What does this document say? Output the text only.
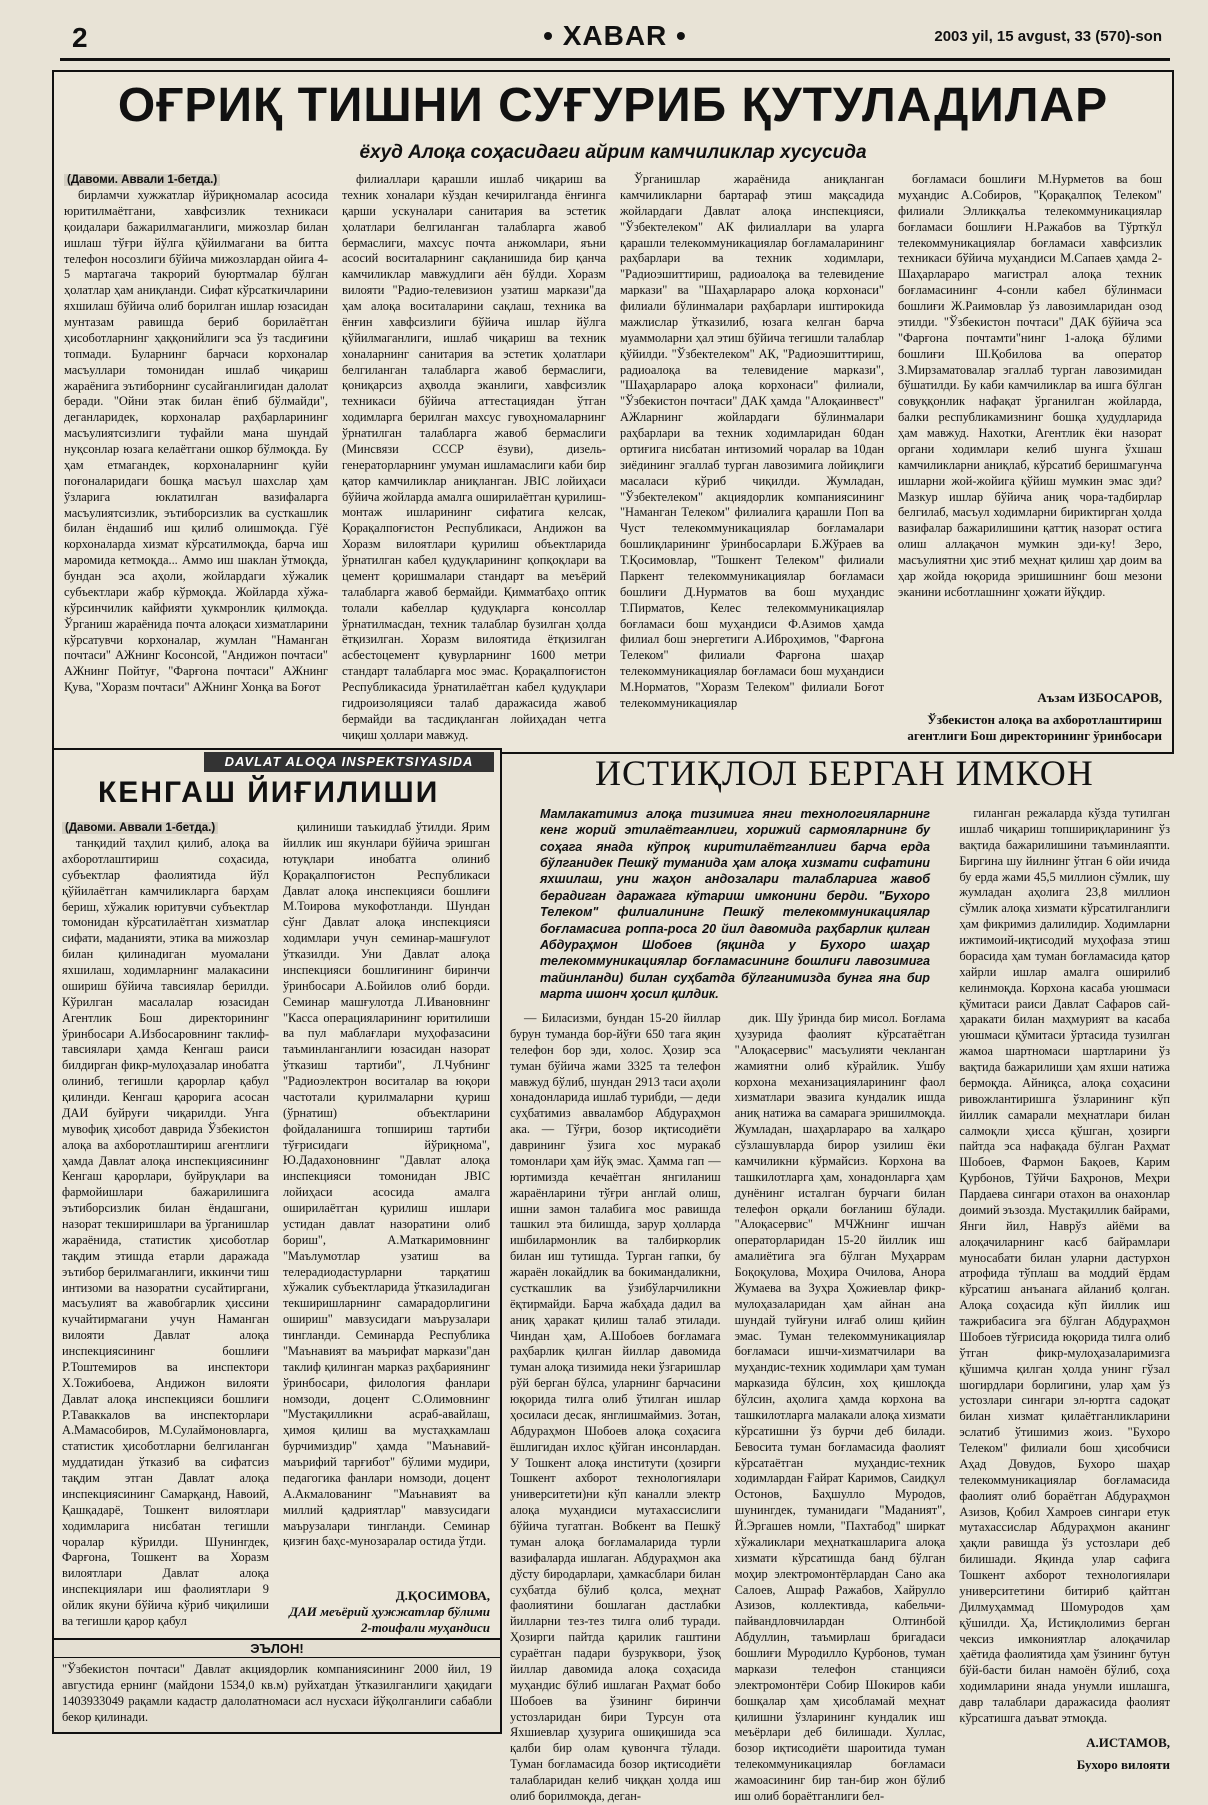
2	• XABAR •	2003 yil, 15 avgust, 33 (570)-son
ОҒРИҚ ТИШНИ СУҒУРИБ ҚУТУЛАДИЛАР
ёхуд Алоқа соҳасидаги айрим камчиликлар хусусида
(Давоми. Аввали 1-бетда.)

бирламчи хужжатлар йўриқномалар асосида юритилмаётгани, хавфсизлик техникаси қоидалари бажарилмаганлиги, мижозлар билан ишлаш тўғри йўлга қўйилмагани ва битта телефон носозлиги бўйича мижозлардан ойига 4-5 мартагача такрорий буюртмалар бўлган ҳолатлар ҳам аниқланди. Сифат кўрсаткичларини яхшилаш бўйича олиб борилган ишлар юзасидан мунтазам равишда бериб борилаётган ҳисоботларнинг ҳаққонийлиги эса ўз тасдиғини топмади. Буларнинг барчаси корхоналар масъуллари томонидан ишлаб чиқариш жараёнига эътиборнинг сусайганлигидан далолат беради. "Ойни этак билан ёпиб бўлмайди", деганларидек, корхоналар раҳбарларининг масъулиятсизлиги туфайли мана шундай нуқсонлар юзага келаётгани ошкор бўлмоқда. Бу ҳам етмагандек, корхоналарнинг қуйи поғоналаридаги бошқа масъул шахслар ҳам ўзларига юклатилган вазифаларга масъулиятсизлик, эътиборсизлик ва сусткашлик билан ёндашиб иш қилиб олишмоқда. Гўё корхоналарда хизмат кўрсатилмоқда, барча иш маромида кетмоқда... Аммо иш шаклан ўтмоқда, бундан эса аҳоли, жойлардаги хўжалик субъектлари жабр кўрмоқда. Жойларда хўжа-кўрсинчилик кайфияти ҳукмронлик қилмоқда. Ўрганиш жараёнида почта алоқаси хизматларини кўрсатувчи корхоналар, жумлан "Наманган почтаси" АЖнинг Косонсой, "Андижон почтаси" АЖнинг Пойтуғ, "Фарғона почтаси" АЖнинг Қува, "Хоразм почтаси" АЖнинг Хонқа ва Боғот

филиаллари қарашли ишлаб чиқариш ва техник хоналари кўздан кечирилганда ёнғинга қарши ускуналари санитария ва эстетик ҳолатлари белгиланган талабларга жавоб бермаслиги, махсус почта анжомлари, яъни асосий воситаларнинг сақланишида бир қанча камчиликлар мавжудлиги аён бўлди. Хоразм вилояти "Радио-телевизион узатиш маркази"да ҳам алоқа воситаларини сақлаш, техника ва ёнғин хавфсизлиги бўйича ишлар йўлга қўйилмаганлиги, ишлаб чиқариш ва техник хоналарнинг санитария ва эстетик ҳолатлари белгиланган талабларга жавоб бермаслиги, қониқарсиз аҳволда эканлиги, хавфсизлик техникаси бўйича аттестациядан ўтган ходимларга берилган махсус гувоҳномаларнинг ўрнатилган талабларга жавоб бермаслиги (Минсвязи СССР ёзуви), дизель-генераторларнинг умуман ишламаслиги каби бир қатор камчиликлар аниқланган. JBIC лойиҳаси бўйича жойларда амалга оширилаётган қурилиш-монтаж ишларининг сифатига келсак, Қорақалпоғистон Республикаси, Андижон ва Хоразм вилоятлари қурилиш объектларида ўрнатилган кабел қудуқларининг қопқоқлари ва цемент қоришмалари стандарт ва меъёрий талабларга жавоб бермайди. Қимматбаҳо оптик толали кабеллар қудуқларга консоллар ўрнатилмасдан, техник талаблар бузилган ҳолда ётқизилган. Хоразм вилоятида ётқизилган асбестоцемент қувурларнинг 1600 метри стандарт талабларга мос эмас. Қорақалпоғистон Республикасида ўрнатилаётган кабел қудуқлари гидроизоляцияси талаб даражасида жавоб бермайди ва тасдиқланган лойиҳадан четга чиқиш ҳоллари мавжуд.

Ўрганишлар жараёнида аниқланган камчиликларни бартараф этиш мақсадида жойлардаги Давлат алоқа инспекцияси, "Ўзбектелеком" АК филиаллари ва уларга қарашли телекоммуникациялар боғламаларининг раҳбарлари ва техник ходимлари, "Радиоэшиттириш, радиоалоқа ва телевидение маркази" ва "Шаҳарлараро алоқа корхонаси" филиали бўлинмалари раҳбарлари иштирокида мажлислар ўтказилиб, юзага келган барча муаммоларни ҳал этиш бўйича тегишли талаблар қўйилди. "Ўзбектелеком" АК, "Радиоэшиттириш, радиоалоқа ва телевидение маркази", "Шаҳарлараро алоқа корхонаси" филиали, "Ўзбекистон почтаси" ДАК ҳамда "Алоқаинвест" АЖларнинг жойлардаги бўлинмалари раҳбарлари ва техник ходимларидан 60дан ортиғига нисбатан интизомий чоралар ва 10дан зиёдининг эгаллаб турган лавозимига лойиқлиги масаласи кўриб чиқилди. Жумладан, "Ўзбектелеком" акциядорлик компаниясининг "Наманган Телеком" филиалига қарашли Поп ва Чуст телекоммуникациялар боғламалари бошлиқларининг ўринбосарлари Б.Жўраев ва Т.Қосимовлар, "Тошкент Телеком" филиали Паркент телекоммуникациялар боғламаси бошлиғи Д.Нурматов ва бош муҳандис Т.Пирматов, Келес телекоммуникациялар боғламаси бош муҳандиси Ф.Азимов ҳамда филиал бош энергетиги А.Иброҳимов, "Фарғона Телеком" филиали Фарғона шаҳар телекоммуникациялар боғламаси бош муҳандиси М.Норматов, "Хоразм Телеком" филиали Боғот телекоммуникациялар

боғламаси бошлиғи М.Нурметов ва бош муҳандис А.Собиров, "Қорақалпоқ Телеком" филиали Элликқалъа телекоммуникациялар боғламаси бошлиғи Н.Ражабов ва Тўрткўл телекоммуникациялар боғламаси хавфсизлик техникаси бўйича муҳандиси М.Сапаев ҳамда 2-Шаҳарлараро магистрал алоқа техник боғламасининг 4-сонли кабел бўлинмаси бошлиғи Ж.Раимовлар ўз лавозимларидан озод этилди. "Ўзбекистон почтаси" ДАК бўйича эса "Фарғона почтамти"нинг 1-алоқа бўлими бошлиғи Ш.Қобилова ва оператор З.Мирзаматовалар эгаллаб турган лавозимидан бўшатилди. Бу каби камчиликлар ва ишга бўлган совуққонлик нафақат ўрганилган жойларда, балки республикамизнинг бошқа ҳудудларида ҳам мавжуд. Нахотки, Агентлик ёки назорат органи ходимлари келиб шунга ўхшаш камчиликларни аниқлаб, кўрсатиб беришмагунча ишларни жой-жойига қўйиш мумкин эмас эди? Мазкур ишлар бўйича аниқ чора-тадбирлар белгилаб, масъул ходимларни бириктирган ҳолда вазифалар бажарилишини қаттиқ назорат остига олиш аллақачон мумкин эди-ку! Зеро, масъулиятни ҳис этиб меҳнат қилиш ҳар доим ва ҳар жойда юқорида эришишнинг бош мезони эканини исботлашнинг ҳожати йўқдир.

Аъзам ИЗБОСАРОВ,
Ўзбекистон алоқа ва ахборотлаштириш агентлиги Бош директорининг ўринбосари
DAVLAT ALOQA INSPEKTSIYASIDA
КЕНГАШ ЙИҒИЛИШИ
(Давоми. Аввали 1-бетда.)

танқидий таҳлил қилиб, алоқа ва ахборотлаштириш соҳасида, субъектлар фаолиятида йўл қўйилаётган камчиликларга барҳам бериш, хўжалик юритувчи субъектлар томонидан кўрсатилаётган хизматлар сифати, маданияти, этика ва мижозлар билан қилинадиган муомалани яхшилаш, ходимларнинг малакасини ошириш бўйича тавсиялар берилди. Кўрилган масалалар юзасидан Агентлик Бош директорининг ўринбосари А.Избосаровнинг таклиф-тавсиялари ҳамда Кенгаш раиси билдирган фикр-мулоҳазалар инобатга олиниб, тегишли қарорлар қабул қилинди. Кенгаш қарорига асосан ДАИ буйруғи чиқарилди. Унга мувофиқ ҳисобот даврида Ўзбекистон алоқа ва ахборотлаштириш агентлиги ҳамда Давлат алоқа инспекциясининг Кенгаш қарорлари, буйруқлари ва фармойишлари бажарилишига эътиборсизлик билан ёндашгани, назорат текширишлари ва ўрганишлар жараёнида, статистик ҳисоботлар тақдим этишда етарли даражада эътибор берилмаганлиги, иккинчи тиш интизоми ва назоратни сусайтиргани, масъулият ва жавобгарлик ҳиссини кучайтирмагани учун Наманган вилояти Давлат алоқа инспекциясининг бошлиғи Р.Тоштемиров ва инспектори Х.Тожибоева, Андижон вилояти Давлат алоқа инспекцияси бошлиғи Р.Таваккалов ва инспекторлари А.Мамасобиров, М.Сулаймоновларга, статистик ҳисоботларни белгиланган муддатидан ўтказиб ва сифатсиз тақдим этган Давлат алоқа инспекциясининг Самарқанд, Навоий, Қашқадарё, Тошкент вилоятлари ходимларига нисбатан тегишли чоралар кўрилди. Шунингдек, Фарғона, Тошкент ва Хоразм вилоятлари Давлат алоқа инспекциялари иш фаолиятлари 9 ойлик якуни бўйича кўриб чиқилиши ва тегишли қарор қабул

қилиниши таъкидлаб ўтилди. Ярим йиллик иш якунлари бўйича эришган ютуқлари инобатга олиниб Қорақалпоғистон Республикаси Давлат алоқа инспекцияси бошлиғи М.Тоирова мукофотланди. Шундан сўнг Давлат алоқа инспекцияси ходимлари учун семинар-машғулот ўтказилди. Уни Давлат алоқа инспекцияси бошлиғининг биринчи ўринбосари А.Бойилов олиб борди. Семинар машғулотда Л.Ивановнинг "Касса операцияларининг юритилиши ва пул маблағлари муҳофазасини таъминланганлиги юзасидан назорат ўтказиш тартиби", Л.Чубнинг "Радиоэлектрон воситалар ва юқори частотали қурилмаларни қуриш (ўрнатиш) объектларини фойдаланишга топшириш тартиби тўғрисидаги йўриқнома", Ю.Дадахоновнинг "Давлат алоқа инспекцияси томонидан JBIC лойиҳаси асосида амалга оширилаётган қурилиш ишлари устидан давлат назоратини олиб бориш", А.Маткаримовнинг "Маълумотлар узатиш ва телерадиодастурларни тарқатиш хўжалик субъектларида ўтказиладиган текширишларнинг самарадорлигини ошириш" мавзусидаги маърузалари тингланди. Семинарда Республика "Маънавият ва маърифат маркази"дан таклиф қилинган марказ раҳбариянинг ўринбосари, филология фанлари номзоди, доцент С.Олимовнинг "Мустақилликни асраб-авайлаш, ҳимоя қилиш ва мустаҳкамлаш бурчимиздир" ҳамда "Маънавий-маърифий тарғибот" бўлими мудири, педагогика фанлари номзоди, доцент А.Акмалованинг "Маънавият ва миллий қадриятлар" мавзусидаги маърузалари тингланди. Семинар қизғин баҳс-мунозаралар остида ўтди.

Д.ҚОСИМОВА,
ДАИ меъёрий ҳужжатлар бўлими 2-тоифали муҳандиси
ЭЪЛОН!
"Ўзбекистон почтаси" Давлат акциядорлик компаниясининг 2000 йил, 19 августида ернинг (майдони 1534,0 кв.м) руйхатдан ўтказилганлиги ҳақидаги 1403933049 рақамли кадастр далолатномаси асл нусхаси йўқолганлиги сабабли бекор қилинади.
ИСТИҚЛОЛ БЕРГАН ИМКОН
Мамлакатимиз алоқа тизимига янги технологияларнинг кенг жорий этилаётганлиги, хорижий сармояларнинг бу соҳага янада кўпроқ киритилаётганлиги барча ерда бўлганидек Пешкў туманида ҳам алоқа хизмати сифатини яхшилаш, уни жаҳон андозалари талабларига жавоб берадиган даражага кўтариш имконини берди. "Бухоро Телеком" филиалининг Пешкў телекоммуникациялар боғламасига роппа-роса 20 йил давомида раҳбарлик қилган Абдураҳмон Шобоев (яқинда у Бухоро шаҳар телекоммуникациялар боғламасининг бошлиғи лавозимига тайинланди) билан суҳбатда бўлганимизда бунга яна бир марта ишонч ҳосил қилдик.

— Биласизми, бундан 15-20 йиллар бурун туманда бор-йўғи 650 тага яқин телефон бор эди, холос. Ҳозир эса туман бўйича жами 3325 та телефон мавжуд бўлиб, шундан 2913 таси аҳоли хонадонларида ишлаб турибди, — деди суҳбатимиз авваламбор Абдураҳмон ака. — Тўғри, бозор иқтисодиёти даврининг ўзига хос муракаб томонлари ҳам йўқ эмас. Ҳамма гап — юртимизда кечаётган янгиланиш жараёнларини тўғри англай олиш, ишни замон талабига мос равишда ташкил эта билишда, зарур ҳолларда ишбилармонлик ва талбиркорлик билан иш тутишда. Турган гапки, бу жараён локайдлик ва бокимандаликни, сусткашлик ва ўзибўларчиликни ёқтирмайди. Барча жабҳада дадил ва аниқ ҳаракат қилиш талаб этилади. Чиндан ҳам, А.Шобоев боғламага раҳбарлик қилган йиллар давомида туман алоқа тизимида неки ўзгаришлар рўй берган бўлса, уларнинг барчасини юқорида тилга олиб ўтилган ишлар ҳосиласи десак, янглишмаймиз. Зотан, Абдураҳмон Шобоев алоқа соҳасига ёшлигидан ихлос қўйган инсонлардан. У Тошкент алоқа институти (ҳозирги Тошкент ахборот технологиялари университети)ни кўп каналли электр алоқа муҳандиси мутахассислиги бўйича тугатган. Вобкент ва Пешкў туман алоқа боғламаларида турли вазифаларда ишлаган. Абдураҳмон ака дўсту биродарлари, ҳамкасблари билан суҳбатда бўлиб қолса, меҳнат фаолиятини бошлаган дастлабки йилларни тез-тез тилга олиб туради. Ҳозирги пайтда қарилик гаштини сураётган падари бузруквори, ўзоқ йиллар давомида алоқа соҳасида муҳандис бўлиб ишлаган Раҳмат бобо Шобоев ва ўзининг биринчи устозларидан бири Турсун ота Яхшиевлар ҳузурига ошиқишида эса қалби бир олам қувончга тўлади. Туман боғламасида бозор иқтисодиёти талабларидан келиб чиққан ҳолда иш олиб борилмоқда, деган-

дик. Шу ўринда бир мисол. Боғлама ҳузурида фаолият кўрсатаётган "Алоқасервис" масъулияти чекланган жамиятни олиб кўрайлик. Ушбу корхона механизацияларининг фаол хизматлари эвазига кундалик ишда аниқ натижа ва самарага эришилмоқда. Жумладан, шаҳарлараро ва халқаро сўзлашувларда бирор узилиш ёки камчиликни кўрмайсиз. Корхона ва ташкилотларга ҳам, хонадонларга ҳам дунёнинг исталган бурчаги билан телефон орқали боғланиш бўлади. "Алоқасервис" МЧЖнинг ишчан операторларидан 15-20 йиллик иш амалиётига эга бўлган Муҳаррам Боқоқулова, Моҳира Очилова, Анора Жумаева ва Зуҳра Ҳожиевлар фикр-мулоҳазаларидан ҳам айнан ана шундай туйғуни илғаб олиш қийин эмас. Туман телекоммуникациялар боғламаси ишчи-хизматчилари ва муҳандис-техник ходимлари ҳам туман марказида бўлсин, хоҳ қишлоқда бўлсин, аҳолига ҳамда корхона ва ташкилотларга малакали алоқа хизмати кўрсатишни ўз бурчи деб билади. Бевосита туман боғламасида фаолият кўрсатаётган муҳандис-техник ходимлардан Ғайрат Каримов, Саидқул Остонов, Баҳшулло Муродов, шунингдек, туманидаги "Маданият", Й.Эргашев номли, "Пахтабод" ширкат хўжаликлари меҳнаткашларига алоқа хизмати кўрсатишда банд бўлган моҳир электромонтёрлардан Сано ака Салоев, Ашраф Ражабов, Хайрулло Азизов, коллективда, кабельчи-пайвандловчилардан Олтинбой Абдуллин, таъмирлаш бригадаси бошлиғи Муродилло Қурбонов, туман маркази телефон станцияси электромонтёри Собир Шокиров каби бошқалар ҳам ҳисобламай меҳнат қилишни ўзларининг кундалик иш меъёрлари деб билишади. Хуллас, бозор иқтисодиёти шароитида туман телекоммуникациялар боғламаси жамоасининг бир тан-бир жон бўлиб иш олиб бораётганлиги бел-

гиланган режаларда кўзда тутилган ишлаб чиқариш топшириқларининг ўз вақтида бажарилишини таъминлаяпти. Биргина шу йилнинг ўтган 6 ойи ичида бу ерда жами 45,5 миллион сўмлик, шу жумладан аҳолига 23,8 миллион сўмлик алоқа хизмати кўрсатилганлиги ҳам фикримиз далилидир. Ходимларни ижтимоий-иқтисодий муҳофаза этиш борасида ҳам туман боғламасида қатор хайрли ишлар амалга оширилиб келинмоқда. Корхона касаба уюшмаси қўмитаси раиси Давлат Сафаров сай-ҳаракати билан маҳмурият ва касаба уюшмаси қўмитаси ўртасида тузилган жамоа шартномаси шартларини ўз вақтида бажарилиши ҳам яхши натижа бермоқда. Айниқса, алоқа соҳасини ривожлантиришга ўзларининг кўп йиллик самарали меҳнатлари билан салмоқли ҳисса қўшган, ҳозирги пайтда эса нафақада бўлган Раҳмат Шобоев, Фармон Бақоев, Карим Қурбонов, Тўйчи Баҳронов, Меҳри Пардаева сингари отахон ва онахонлар доимий эъзозда. Мустақиллик байрами, Янги йил, Наврўз айёми ва алоқачиларнинг касб байрамлари муносабати билан уларни дастурхон атрофида тўплаш ва моддий ёрдам кўрсатиш анъанага айланиб қолган. Алоқа соҳасида кўп йиллик иш тажрибасига эга бўлган Абдураҳмон Шобоев тўғрисида юқорида тилга олиб ўтган фикр-мулоҳазаларимизга қўшимча қилган ҳолда унинг гўзал шогирдлари борлигини, улар ҳам ўз устозлари сингари эл-юртга садоқат билан хизмат қилаётганликларини эслатиб ўтишимиз жоиз. "Бухоро Телеком" филиали бош ҳисобчиси Аҳад Довудов, Бухоро шаҳар телекоммуникациялар боғламасида фаолият олиб бораётган Абдураҳмон Азизов, Қобил Хамроев сингари етук мутахассислар Абдураҳмон аканинг ҳақли равишда ўз устозлари деб билишади. Яқинда улар сафига Тошкент ахборот технологиялари университетини битириб қайтган Дилмуҳаммад Шомуродов ҳам қўшилди. Ҳа, Истиқлолимиз берган чексиз имкониятлар алоқачилар ҳаётида фаолиятида ҳам ўзининг бутун бўй-басти билан намоён бўлиб, соҳа ходимларини янада унумли ишлашга, давр талаблари даражасида фаолият кўрсатишга даъват этмоқда.

А.ИСТАМОВ,
Бухоро вилояти
